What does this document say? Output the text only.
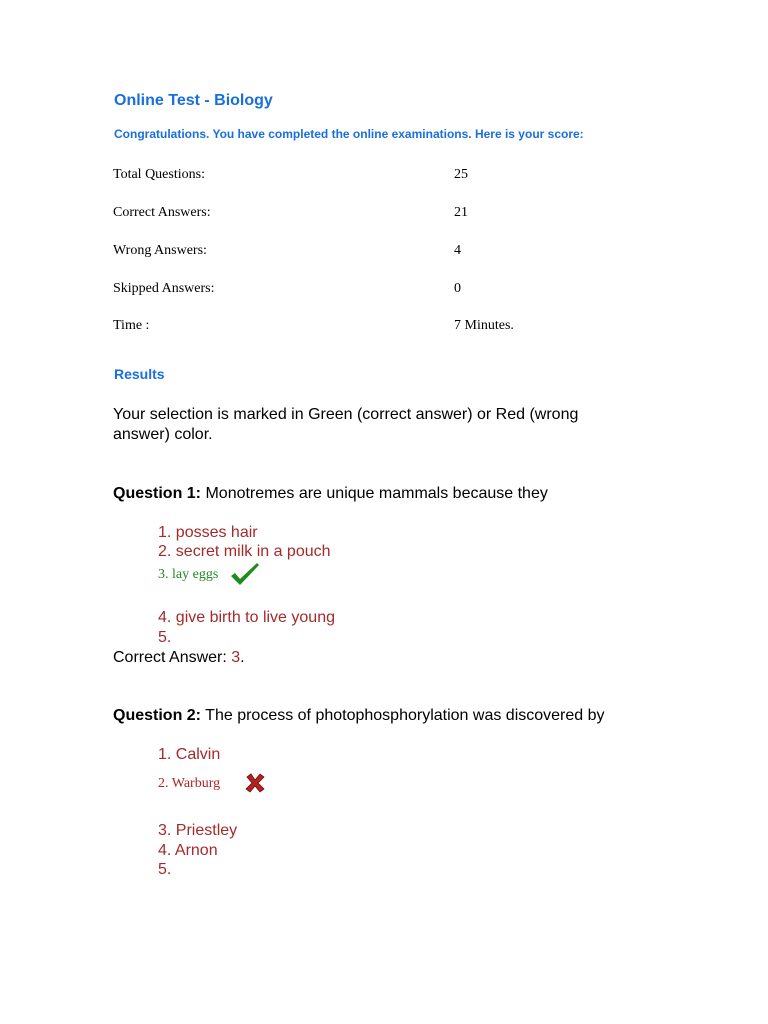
Online Test - Biology
Congratulations. You have completed the online examinations. Here is your score:
Total Questions:	25
Correct Answers:	21
Wrong Answers:	4
Skipped Answers:	0
Time :	7 Minutes.
Results
Your selection is marked in Green (correct answer) or Red (wrong answer) color.
Question 1: Monotremes are unique mammals because they
1. posses hair
2. secret milk in a pouch
3. lay eggs
4. give birth to live young
5.
Correct Answer: 3.
Question 2: The process of photophosphorylation was discovered by
1. Calvin
2. Warburg
3. Priestley
4. Arnon
5.
